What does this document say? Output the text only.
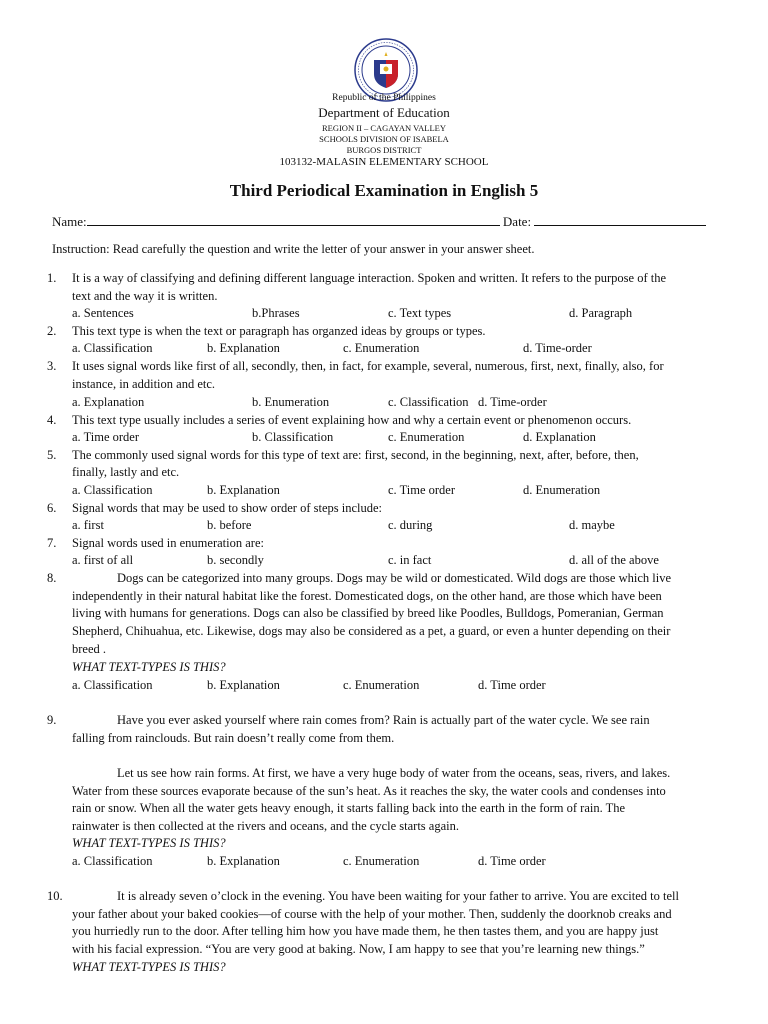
Republic of the Philippines
Department of Education
REGION II – CAGAYAN VALLEY
SCHOOLS DIVISION OF ISABELA
BURGOS DISTRICT
103132-MALASIN ELEMENTARY SCHOOL
Third Periodical Examination in English 5
Name:	Date:
Instruction: Read carefully the question and write the letter of your answer in your answer sheet.
1. It is a way of classifying and defining different language interaction. Spoken and written. It refers to the purpose of the
text and the way it is written.
a. Sentences	b.Phrases	c. Text types	d. Paragraph
2. This text type is when the text or paragraph has organzed ideas by groups or types.
a. Classification	b. Explanation	c. Enumeration	d. Time-order
3. It uses signal words like first of all, secondly, then, in fact, for example, several, numerous, first, next, finally, also, for
instance, in addition and etc.
a. Explanation	b. Enumeration	c. Classification d. Time-order
4. This text type usually includes a series of event explaining how and why a certain event or phenomenon occurs.
a. Time order	b. Classification	c. Enumeration	d. Explanation
5. The commonly used signal words for this type of text are: first, second, in the beginning, next, after, before, then,
finally, lastly and etc.
a. Classification	b. Explanation	c. Time order	d. Enumeration
6. Signal words that may be used to show order of steps include:
a. first	b. before	c. during	d. maybe
7. Signal words used in enumeration are:
a. first of all	b. secondly	c. in fact	d. all of the above
8.	Dogs can be categorized into many groups. Dogs may be wild or domesticated. Wild dogs are those which live
independently in their natural habitat like the forest. Domesticated dogs, on the other hand, are those which have been
living with humans for generations. Dogs can also be classified by breed like Poodles, Bulldogs, Pomeranian, German
Shepherd, Chihuahua, etc. Likewise, dogs may also be considered as a pet, a guard, or even a hunter depending on their
breed .
WHAT TEXT-TYPES IS THIS?
a. Classification	b. Explanation	c. Enumeration	d. Time order
9.	Have you ever asked yourself where rain comes from? Rain is actually part of the water cycle. We see rain
falling from rainclouds. But rain doesn’t really come from them.
Let us see how rain forms. At first, we have a very huge body of water from the oceans, seas, rivers, and lakes.
Water from these sources evaporate because of the sun’s heat. As it reaches the sky, the water cools and condenses into
rain or snow. When all the water gets heavy enough, it starts falling back into the earth in the form of rain. The
rainwater is then collected at the rivers and oceans, and the cycle starts again.
WHAT TEXT-TYPES IS THIS?
a. Classification	b. Explanation	c. Enumeration	d. Time order
10.	It is already seven o’clock in the evening. You have been waiting for your father to arrive. You are excited to tell
your father about your baked cookies—of course with the help of your mother. Then, suddenly the doorknob creaks and
you hurriedly run to the door. After telling him how you have made them, he then tastes them, and you are happy just
with his facial expression. “You are very good at baking. Now, I am happy to see that you’re learning new things.”
WHAT TEXT-TYPES IS THIS?
